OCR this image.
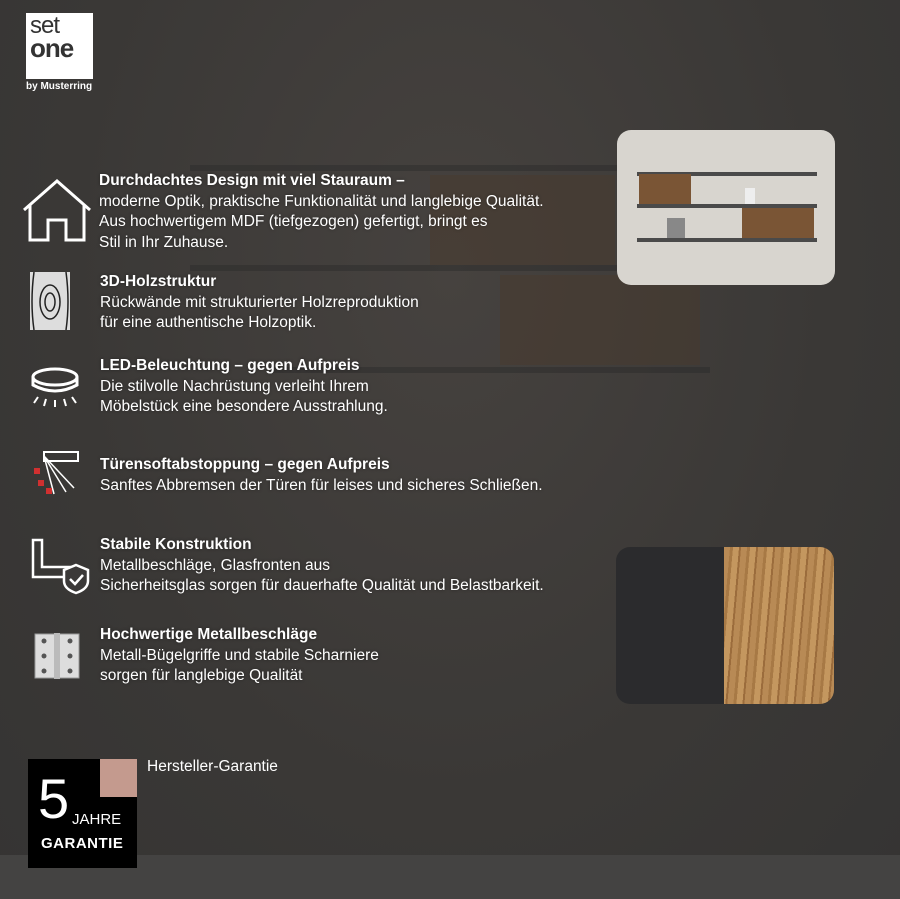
set
one
by Musterring
Durchdachtes Design mit viel Stauraum –
moderne Optik, praktische Funktionalität und langlebige Qualität.
Aus hochwertigem MDF (tiefgezogen) gefertigt, bringt es
Stil in Ihr Zuhause.
3D-Holzstruktur
Rückwände mit strukturierter Holzreproduktion
für eine authentische Holzoptik.
LED-Beleuchtung – gegen Aufpreis
Die stilvolle Nachrüstung verleiht Ihrem
Möbelstück eine besondere Ausstrahlung.
Türensoftabstoppung – gegen Aufpreis
Sanftes Abbremsen der Türen für leises und sicheres Schließen.
Stabile Konstruktion
Metallbeschläge, Glasfronten aus
Sicherheitsglas sorgen für dauerhafte Qualität und Belastbarkeit.
Hochwertige Metallbeschläge
Metall-Bügelgriffe und stabile Scharniere
sorgen für langlebige Qualität
5 JAHRE
GARANTIE
Hersteller-Garantie
